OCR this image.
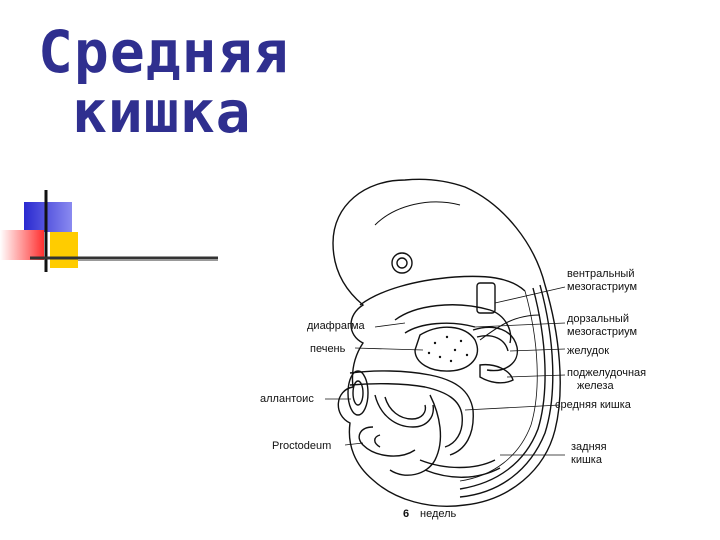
Средняя
кишка
вентральный
мезогастриум
диафрагма
дорзальный
мезогастриум
печень	желудок
поджелудочная
железа
аллантоис	средняя кишка
Proctodeum	задняя
кишка
6 недель
